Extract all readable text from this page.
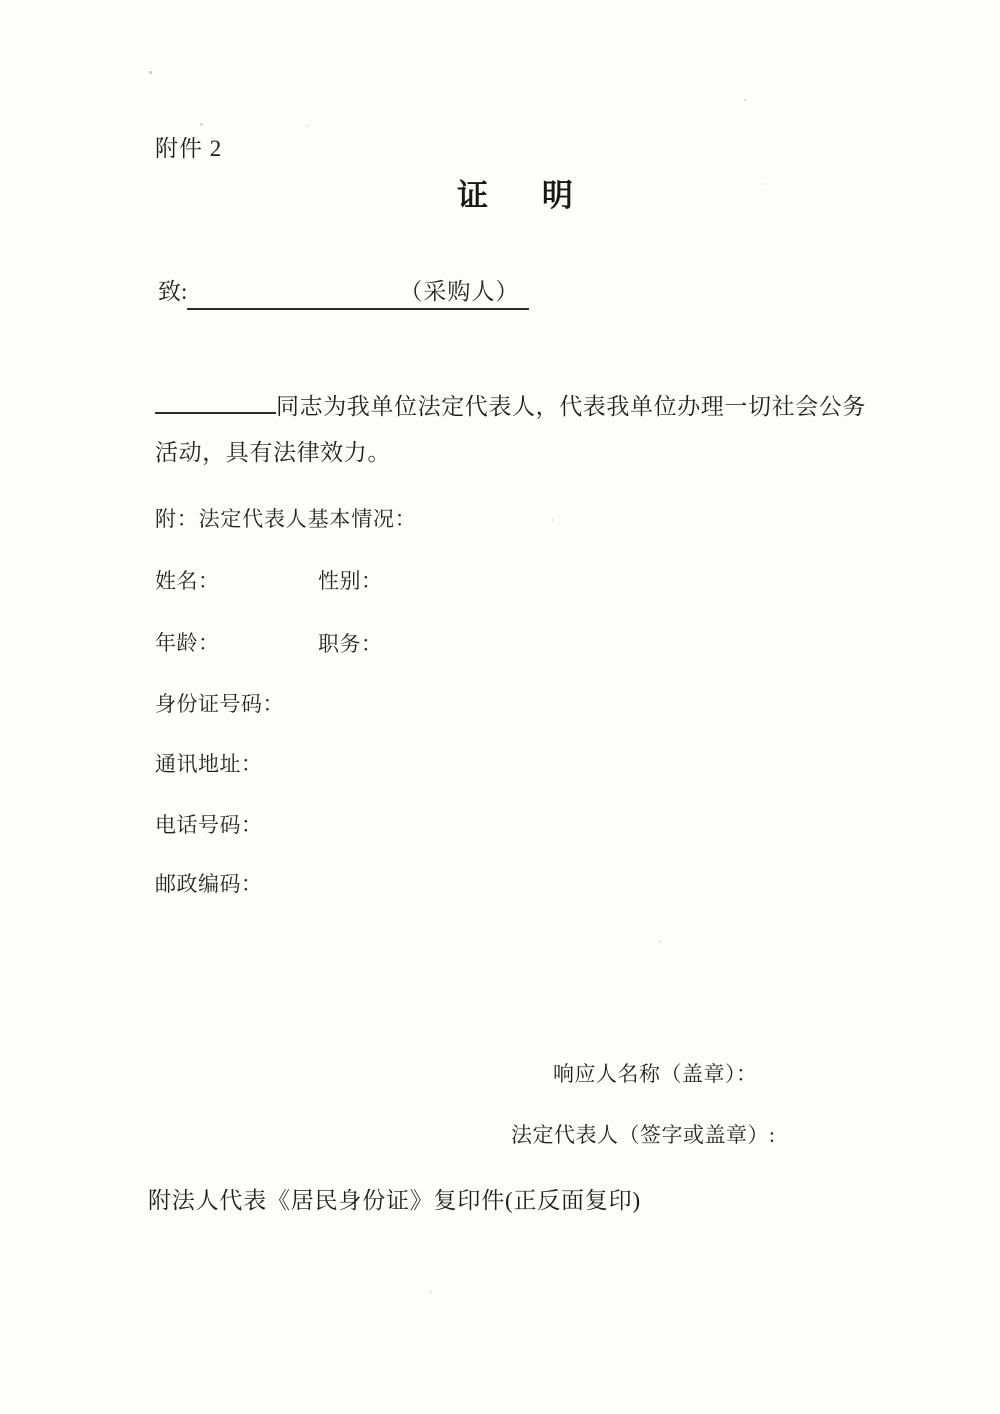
附件 2
证 明
致:	（采购人）
同志为我单位法定代表人，代表我单位办理一切社会公务
活动，具有法律效力。
附：法定代表人基本情况：
姓名：	性别：
年龄：	职务：
身份证号码：
通讯地址：
电话号码：
邮政编码：
响应人名称（盖章）：
法定代表人（签字或盖章）:
附法人代表《居民身份证》复印件(正反面复印)
